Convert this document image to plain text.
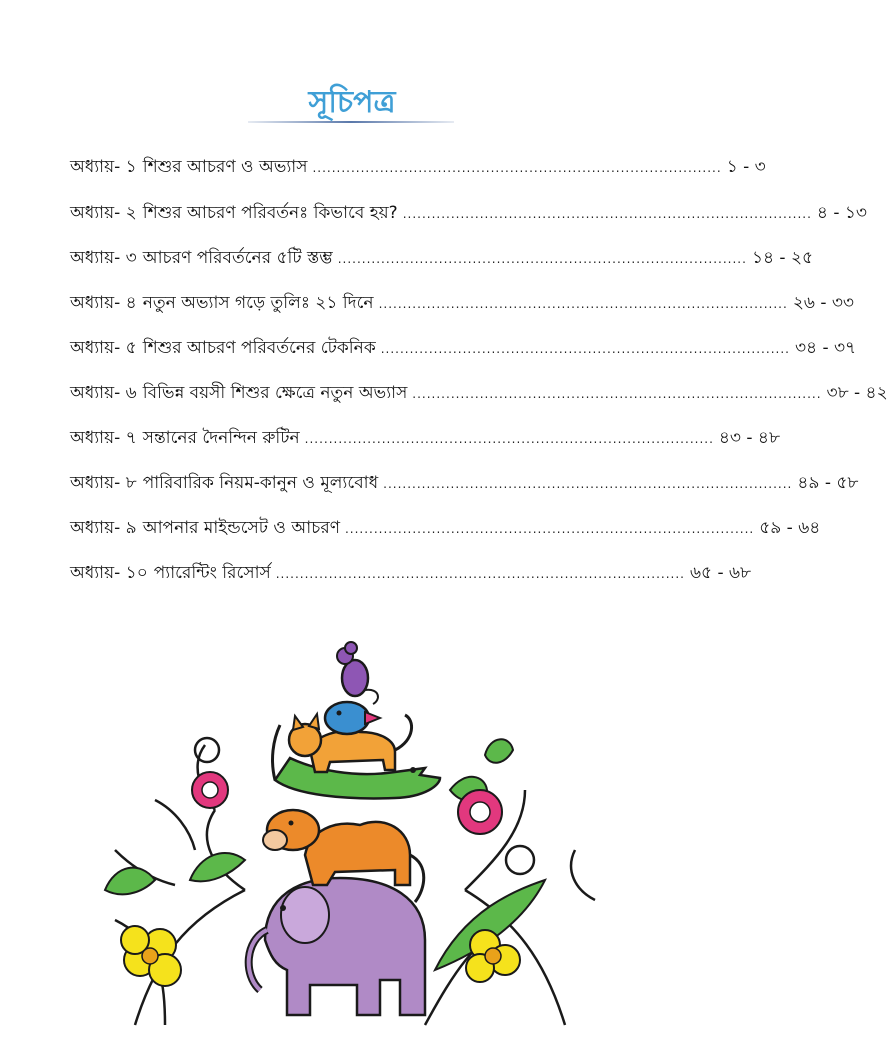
সূচিপত্র
অধ্যায়- ১ শিশুর আচরণ ও অভ্যাস ..................................................................................... ১ - ৩
অধ্যায়- ২ শিশুর আচরণ পরিবর্তনঃ কিভাবে হয়? ..................................................................................... ৪ - ১৩
অধ্যায়- ৩ আচরণ পরিবর্তনের ৫টি স্তম্ভ ..................................................................................... ১৪ - ২৫
অধ্যায়- ৪ নতুন অভ্যাস গড়ে তুলিঃ ২১ দিনে ..................................................................................... ২৬ - ৩৩
অধ্যায়- ৫ শিশুর আচরণ পরিবর্তনের টেকনিক ..................................................................................... ৩৪ - ৩৭
অধ্যায়- ৬ বিভিন্ন বয়সী শিশুর ক্ষেত্রে নতুন অভ্যাস ..................................................................................... ৩৮ - ৪২
অধ্যায়- ৭ সন্তানের দৈনন্দিন রুটিন ..................................................................................... ৪৩ - ৪৮
অধ্যায়- ৮ পারিবারিক নিয়ম-কানুন ও মূল্যবোধ ..................................................................................... ৪৯ - ৫৮
অধ্যায়- ৯ আপনার মাইন্ডসেট ও আচরণ ..................................................................................... ৫৯ - ৬৪
অধ্যায়- ১০ প্যারেন্টিং রিসোর্স ..................................................................................... ৬৫ - ৬৮
